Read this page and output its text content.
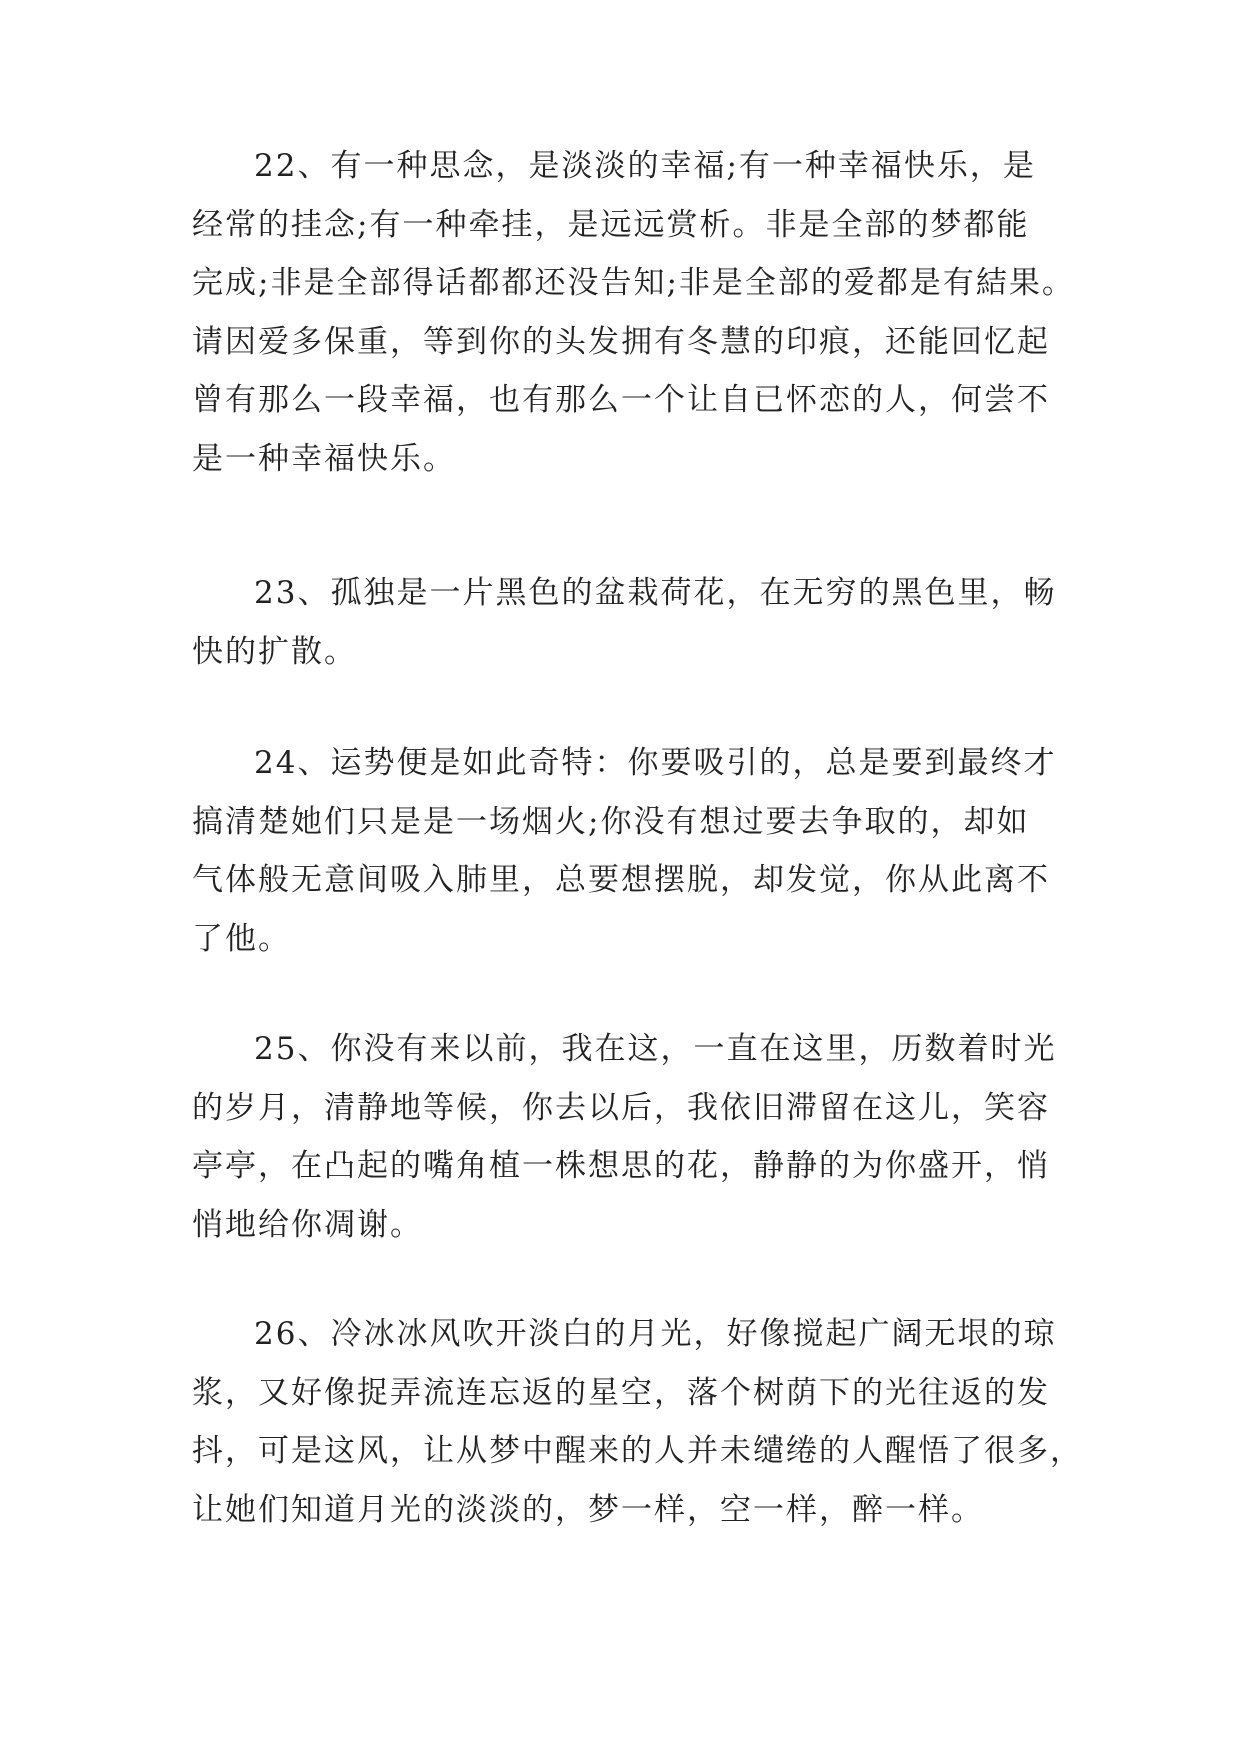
22、有一种思念，是淡淡的幸福;有一种幸福快乐，是
经常的挂念;有一种牵挂，是远远赏析。非是全部的梦都能
完成;非是全部得话都都还没告知;非是全部的爱都是有結果。
请因爱多保重，等到你的头发拥有冬慧的印痕，还能回忆起
曾有那么一段幸福，也有那么一个让自已怀恋的人，何尝不
是一种幸福快乐。
23、孤独是一片黑色的盆栽荷花，在无穷的黑色里，畅
快的扩散。
24、运势便是如此奇特：你要吸引的，总是要到最终才
搞清楚她们只是是一场烟火;你没有想过要去争取的，却如
气体般无意间吸入肺里，总要想摆脱，却发觉，你从此离不
了他。
25、你没有来以前，我在这，一直在这里，历数着时光
的岁月，清静地等候，你去以后，我依旧滞留在这儿，笑容
亭亭，在凸起的嘴角植一株想思的花，静静的为你盛开，悄
悄地给你凋谢。
26、冷冰冰风吹开淡白的月光，好像搅起广阔无垠的琼
浆，又好像捉弄流连忘返的星空，落个树荫下的光往返的发
抖，可是这风，让从梦中醒来的人并未缱绻的人醒悟了很多，
让她们知道月光的淡淡的，梦一样，空一样，醉一样。
